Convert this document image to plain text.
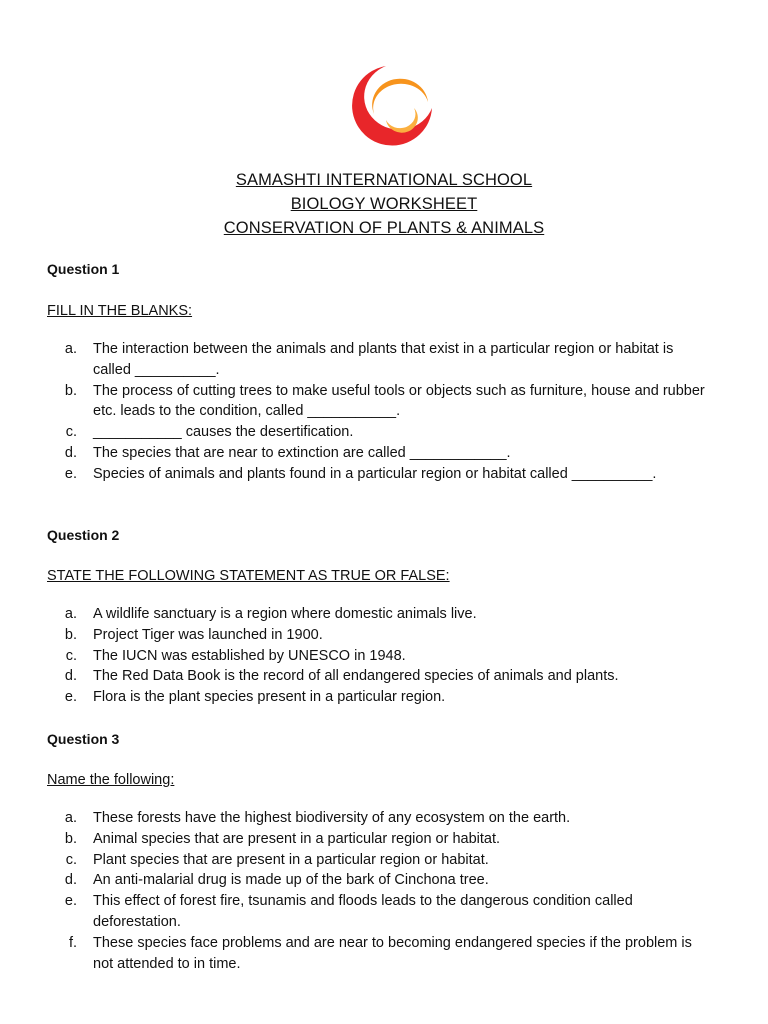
SAMASHTI INTERNATIONAL SCHOOL
BIOLOGY WORKSHEET
CONSERVATION OF PLANTS & ANIMALS
Question 1
FILL IN THE BLANKS:
a. The interaction between the animals and plants that exist in a particular region or habitat is called __________.
b. The process of cutting trees to make useful tools or objects such as furniture, house and rubber etc. leads to the condition, called ___________.
c. ___________ causes the desertification.
d. The species that are near to extinction are called ____________.
e. Species of animals and plants found in a particular region or habitat called __________.
Question 2
STATE THE FOLLOWING STATEMENT AS TRUE OR FALSE:
a. A wildlife sanctuary is a region where domestic animals live.
b. Project Tiger was launched in 1900.
c. The IUCN was established by UNESCO in 1948.
d. The Red Data Book is the record of all endangered species of animals and plants.
e. Flora is the plant species present in a particular region.
Question 3
Name the following:
a. These forests have the highest biodiversity of any ecosystem on the earth.
b. Animal species that are present in a particular region or habitat.
c. Plant species that are present in a particular region or habitat.
d. An anti-malarial drug is made up of the bark of Cinchona tree.
e. This effect of forest fire, tsunamis and floods leads to the dangerous condition called deforestation.
f. These species face problems and are near to becoming endangered species if the problem is not attended to in time.
